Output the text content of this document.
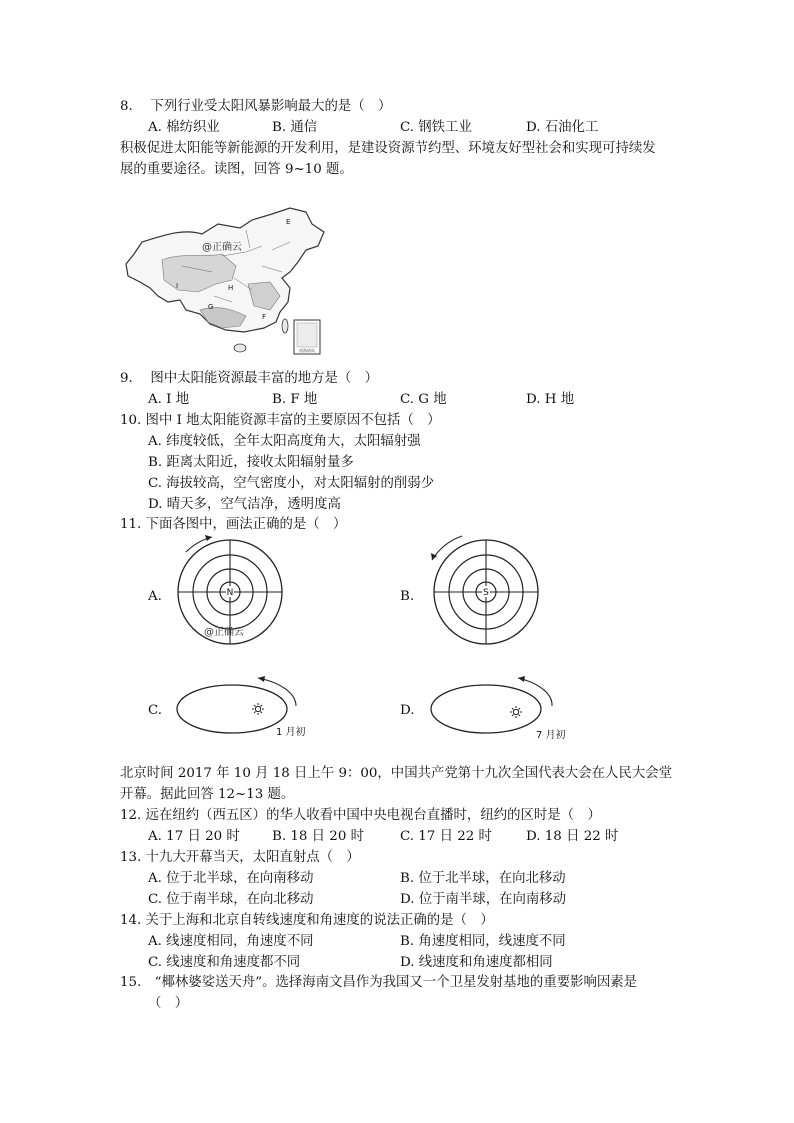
8.　 下列行业受太阳风暴影响最大的是（　）
A. 棉纺织业	B. 通信	C. 钢铁工业	D. 石油化工
积极促进太阳能等新能源的开发利用，是建设资源节约型、环境友好型社会和实现可持续发
展的重要途径。读图，回答 9~10 题。
南海诸岛
@正确云
E
I	H
G
F
9.　 图中太阳能资源最丰富的地方是（　）
A. I 地	B. F 地	C. G 地	D. H 地
10. 图中 I 地太阳能资源丰富的主要原因不包括（　）
A. 纬度较低，全年太阳高度角大，太阳辐射强
B. 距离太阳近，接收太阳辐射量多
C. 海拔较高，空气密度小，对太阳辐射的削弱少
D. 晴天多，空气洁净，透明度高
11. 下面各图中，画法正确的是（　）
A.	N
@正确云
B.	S
C.
1 月初
D.
7 月初
北京时间 2017 年 10 月 18 日上午 9：00，中国共产党第十九次全国代表大会在人民大会堂
开幕。据此回答 12~13 题。
12. 远在纽约（西五区）的华人收看中国中央电视台直播时，纽约的区时是（　）
A. 17 日 20 时 B. 18 日 20 时	C. 17 日 22 时	D. 18 日 22 时
13. 十九大开幕当天，太阳直射点（　）
A. 位于北半球，在向南移动	B. 位于北半球，在向北移动
C. 位于南半球，在向北移动	D. 位于南半球，在向南移动
14. 关于上海和北京自转线速度和角速度的说法正确的是（　）
A. 线速度相同，角速度不同	B. 角速度相同，线速度不同
C. 线速度和角速度都不同	D. 线速度和角速度都相同
15.　“椰林婆娑送天舟”。选择海南文昌作为我国又一个卫星发射基地的重要影响因素是
（　）
